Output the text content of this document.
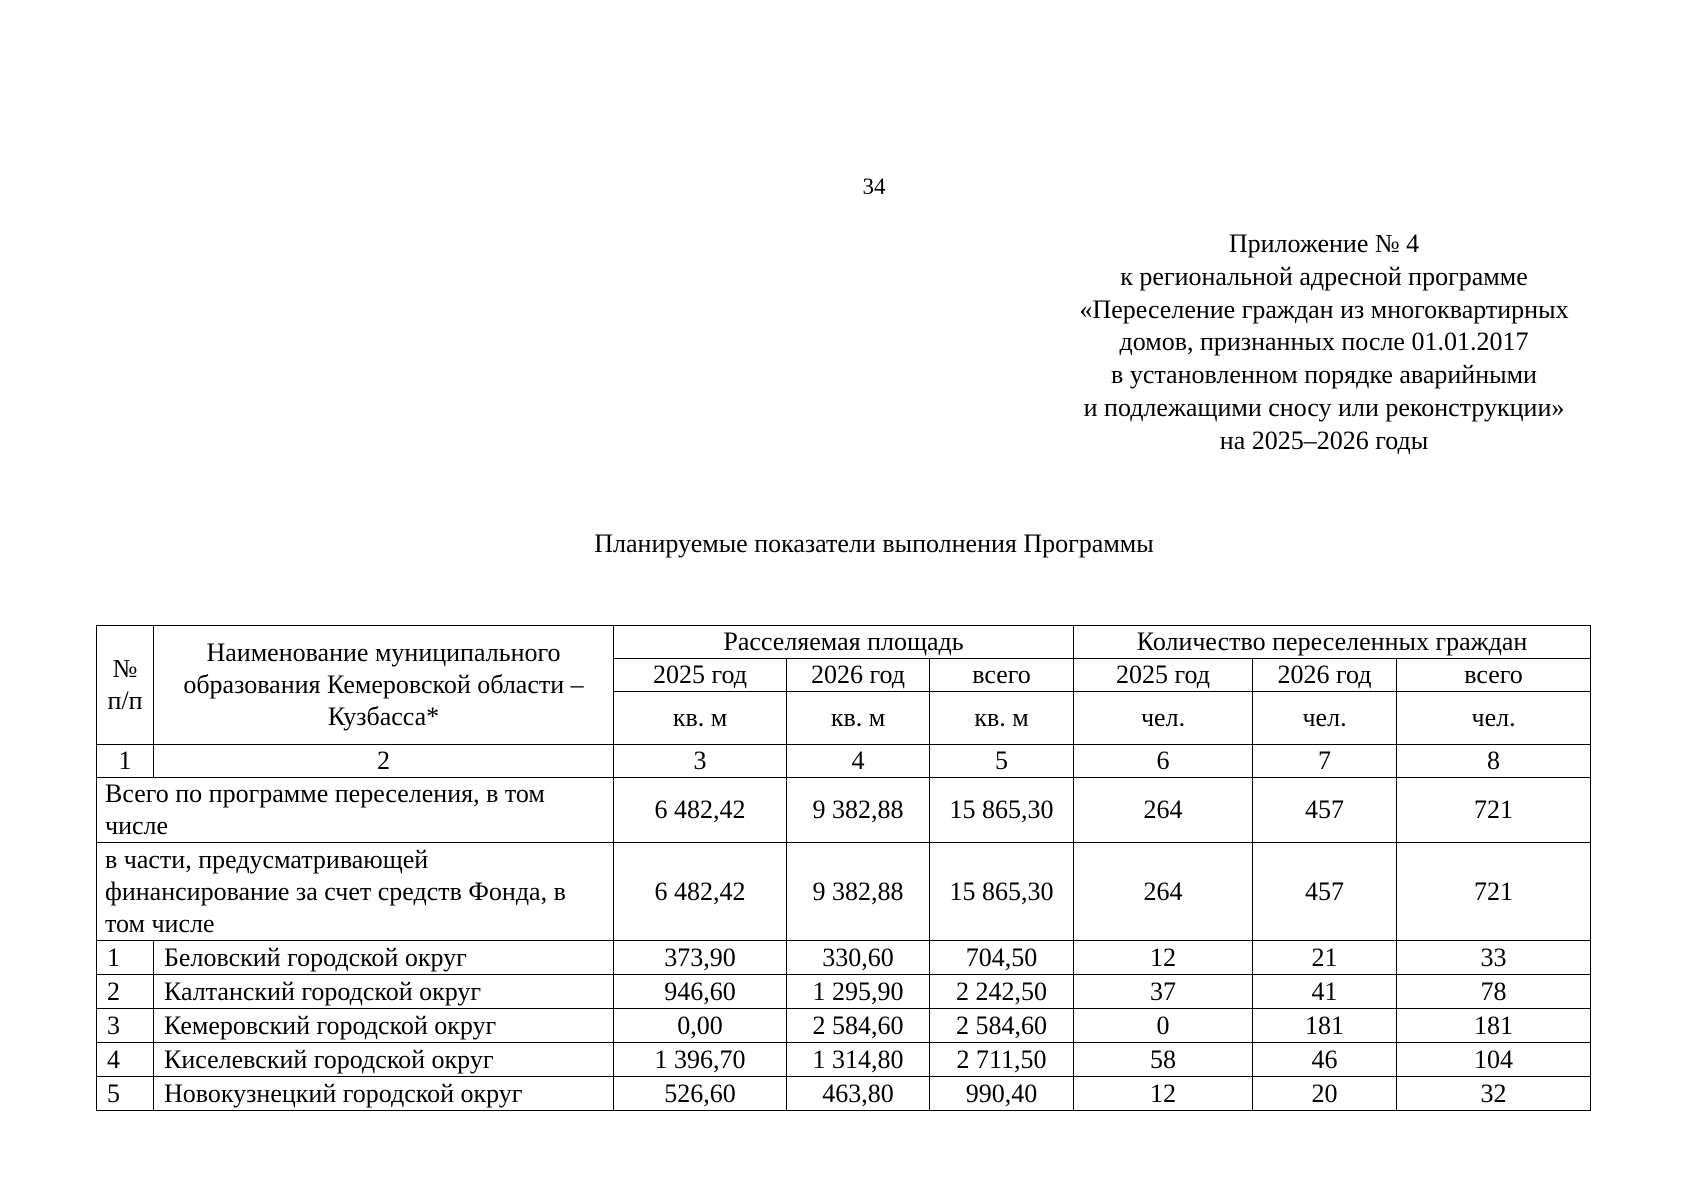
34
Приложение № 4
к региональной адресной программе
«Переселение граждан из многоквартирных
домов, признанных после 01.01.2017
в установленном порядке аварийными
и подлежащими сносу или реконструкции»
на 2025–2026 годы
Планируемые показатели выполнения Программы
№ п/п	Наименование муниципального образования Кемеровской области – Кузбасса*	Расселяемая площадь			Количество переселенных граждан		
		2025 год	2026 год	всего	2025 год	2026 год	всего
		кв. м	кв. м	кв. м	чел.	чел.	чел.
1	2	3	4	5	6	7	8
Всего по программе переселения, в том числе		6 482,42	9 382,88	15 865,30	264	457	721
в части, предусматривающей финансирование за счет средств Фонда, в том числе		6 482,42	9 382,88	15 865,30	264	457	721
1	Беловский городской округ	373,90	330,60	704,50	12	21	33
2	Калтанский городской округ	946,60	1 295,90	2 242,50	37	41	78
3	Кемеровский городской округ	0,00	2 584,60	2 584,60	0	181	181
4	Киселевский городской округ	1 396,70	1 314,80	2 711,50	58	46	104
5	Новокузнецкий городской округ	526,60	463,80	990,40	12	20	32
